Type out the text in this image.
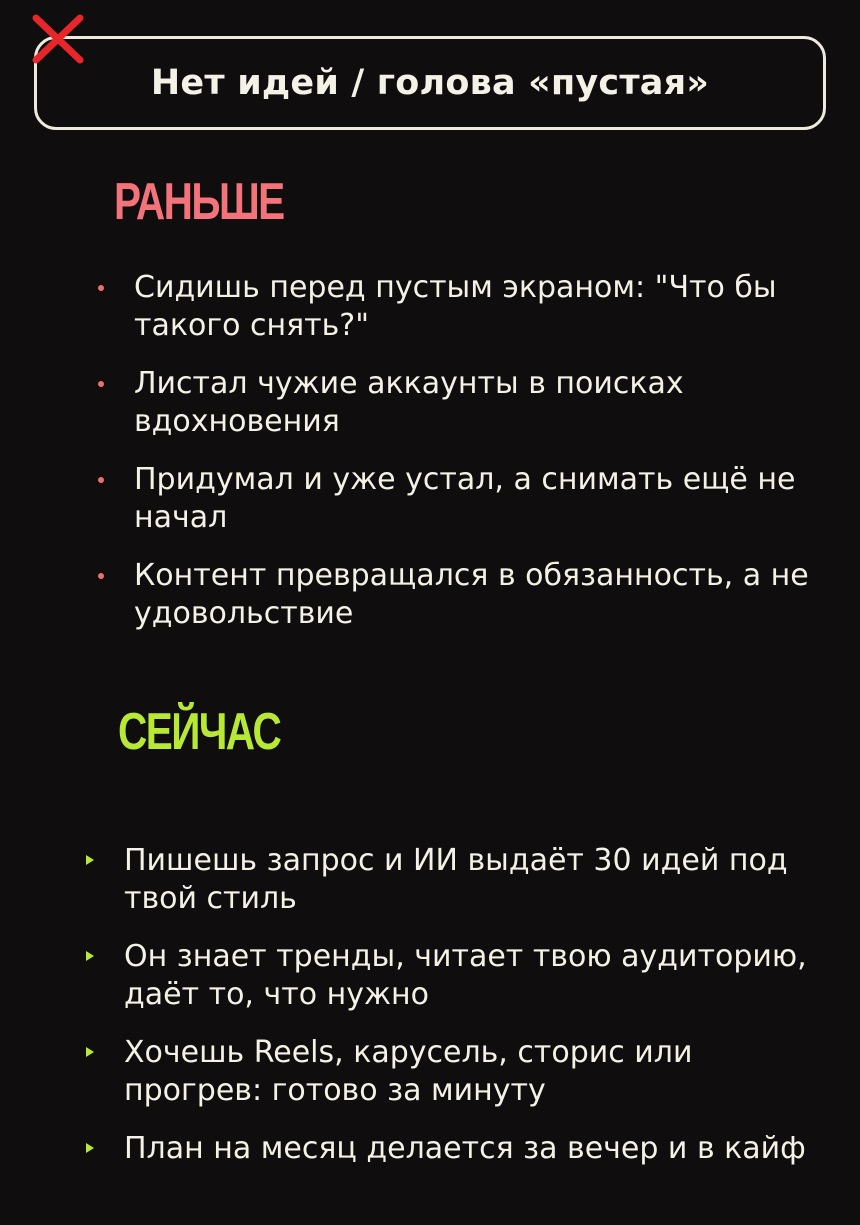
Нет идей / голова «пустая»
РАНЬШЕ
Сидишь перед пустым экраном: "Что бы такого снять?"
Листал чужие аккаунты в поисках вдохновения
Придумал и уже устал, а снимать ещё не начал
Контент превращался в обязанность, а не удовольствие
СЕЙЧАС
Пишешь запрос и ИИ выдаёт 30 идей под твой стиль
Он знает тренды, читает твою аудиторию, даёт то, что нужно
Хочешь Reels, карусель, сторис или прогрев: готово за минуту
План на месяц делается за вечер и в кайф
